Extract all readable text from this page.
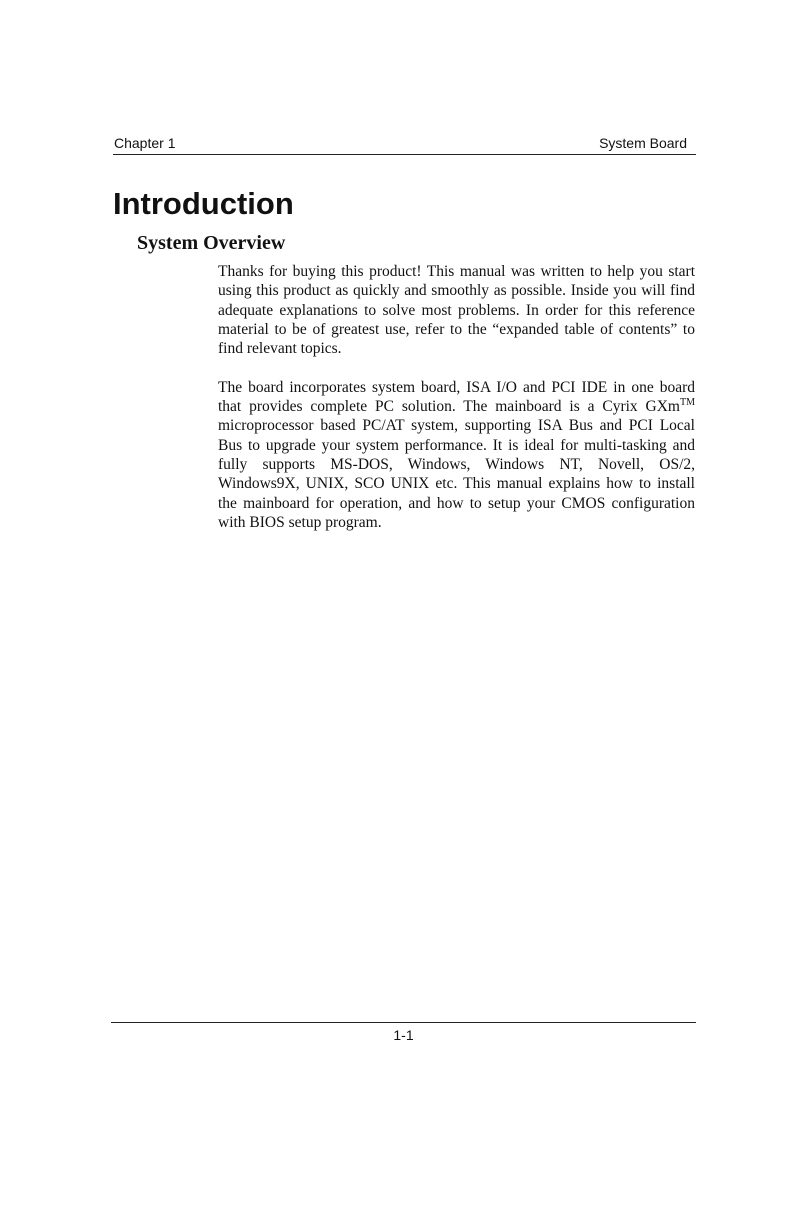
Chapter 1	System Board
Introduction
System Overview

Thanks for buying this product! This manual was written to help you start using this product as quickly and smoothly as possible. Inside you will find adequate explanations to solve most problems. In order for this reference material to be of greatest use, refer to the “expanded table of contents” to find relevant topics.

The board incorporates system board, ISA I/O and PCI IDE in one board that provides complete PC solution. The mainboard is a Cyrix GXm™ microprocessor based PC/AT system, supporting ISA Bus and PCI Local Bus to upgrade your system performance. It is ideal for multi-tasking and fully supports MS-DOS, Windows, Windows NT, Novell, OS/2, Windows9X, UNIX, SCO UNIX etc. This manual explains how to install the mainboard for operation, and how to setup your CMOS configuration with BIOS setup program.

1-1
